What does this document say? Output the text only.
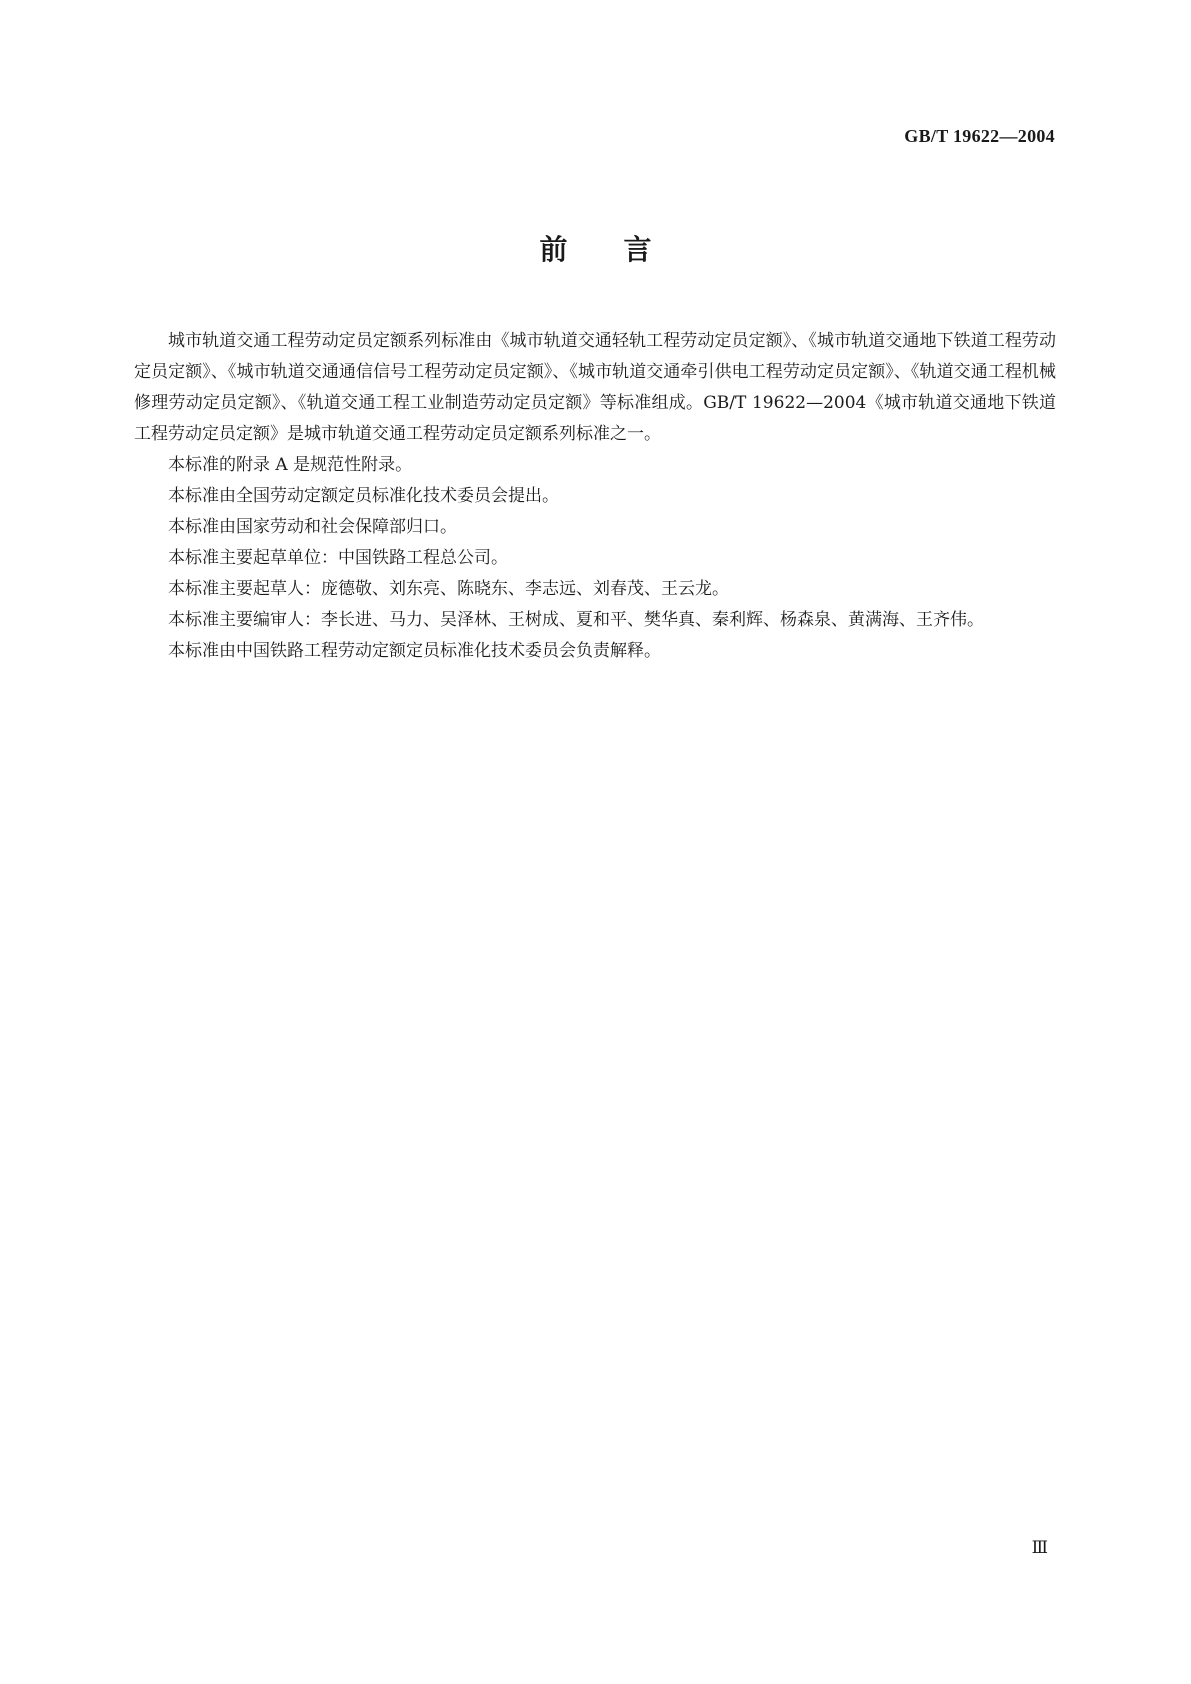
GB/T 19622—2004
前言

城市轨道交通工程劳动定员定额系列标准由《城市轨道交通轻轨工程劳动定员定额》、《城市轨道交通地下铁道工程劳动定员定额》、《城市轨道交通通信信号工程劳动定员定额》、《城市轨道交通牵引供电工程劳动定员定额》、《轨道交通工程机械修理劳动定员定额》、《轨道交通工程工业制造劳动定员定额》等标准组成。GB/T 19622—2004《城市轨道交通地下铁道工程劳动定员定额》是城市轨道交通工程劳动定员定额系列标准之一。

本标准的附录 A 是规范性附录。

本标准由全国劳动定额定员标准化技术委员会提出。

本标准由国家劳动和社会保障部归口。

本标准主要起草单位：中国铁路工程总公司。

本标准主要起草人：庞德敬、刘东亮、陈晓东、李志远、刘春茂、王云龙。

本标准主要编审人：李长进、马力、吴泽林、王树成、夏和平、樊华真、秦利辉、杨森泉、黄满海、王齐伟。

本标准由中国铁路工程劳动定额定员标准化技术委员会负责解释。

Ⅲ
